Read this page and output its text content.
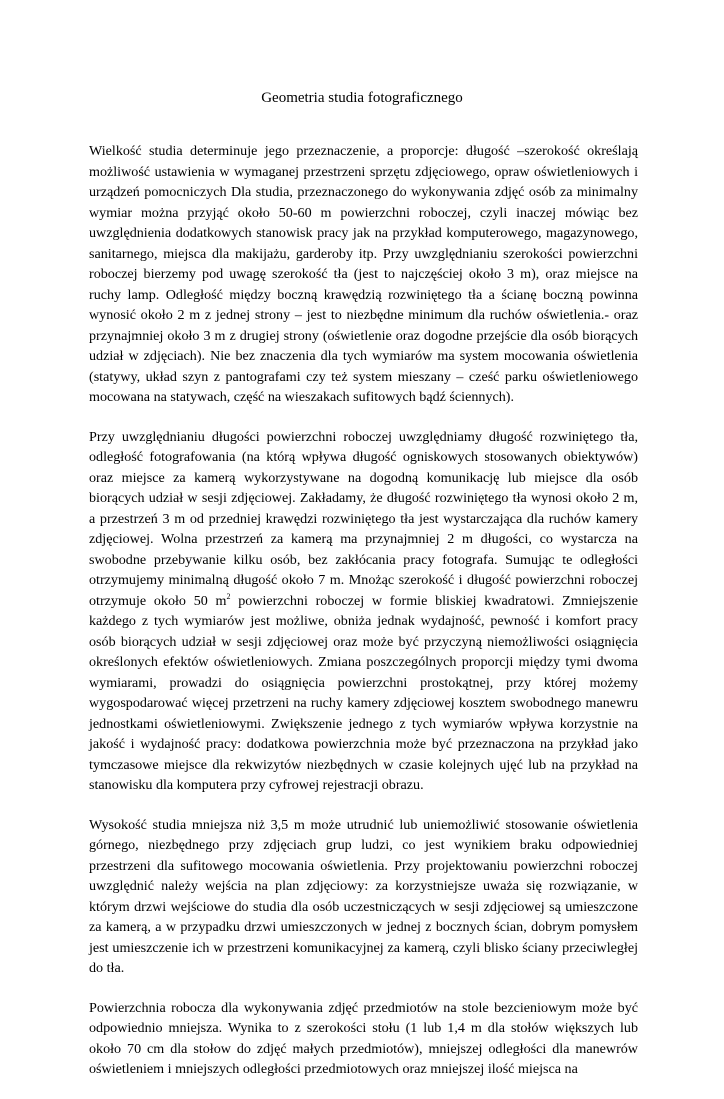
Geometria studia fotograficznego

Wielkość studia determinuje jego przeznaczenie, a proporcje: długość –szerokość określają możliwość ustawienia w wymaganej przestrzeni sprzętu zdjęciowego, opraw oświetleniowych i urządzeń pomocniczych Dla studia, przeznaczonego do wykonywania zdjęć osób za minimalny wymiar można przyjąć około 50-60 m powierzchni roboczej, czyli inaczej mówiąc bez uwzględnienia dodatkowych stanowisk pracy jak na przykład komputerowego, magazynowego, sanitarnego, miejsca dla makijażu, garderoby itp. Przy uwzględnianiu szerokości powierzchni roboczej bierzemy pod uwagę szerokość tła (jest to najczęściej około 3 m), oraz miejsce na ruchy lamp. Odległość między boczną krawędzią rozwiniętego tła a ścianę boczną powinna wynosić około 2 m z jednej strony – jest to niezbędne minimum dla ruchów oświetlenia.- oraz przynajmniej około 3 m z drugiej strony (oświetlenie oraz dogodne przejście dla osób biorących udział w zdjęciach). Nie bez znaczenia dla tych wymiarów ma system mocowania oświetlenia (statywy, układ szyn z pantografami czy też system mieszany – cześć parku oświetleniowego mocowana na statywach, część na wieszakach sufitowych bądź ściennych).

Przy uwzględnianiu długości powierzchni roboczej uwzględniamy długość rozwiniętego tła, odległość fotografowania (na którą wpływa długość ogniskowych stosowanych obiektywów) oraz miejsce za kamerą wykorzystywane na dogodną komunikację lub miejsce dla osób biorących udział w sesji zdjęciowej. Zakładamy, że długość rozwiniętego tła wynosi około 2 m, a przestrzeń 3 m od przedniej krawędzi rozwiniętego tła jest wystarczająca dla ruchów kamery zdjęciowej. Wolna przestrzeń za kamerą ma przynajmniej 2 m długości, co wystarcza na swobodne przebywanie kilku osób, bez zakłócania pracy fotografa. Sumując te odległości otrzymujemy minimalną długość około 7 m. Mnożąc szerokość i długość powierzchni roboczej otrzymuje około 50 $m^2$ powierzchni roboczej w formie bliskiej kwadratowi. Zmniejszenie każdego z tych wymiarów jest możliwe, obniża jednak wydajność, pewność i komfort pracy osób biorących udział w sesji zdjęciowej oraz może być przyczyną niemożliwości osiągnięcia określonych efektów oświetleniowych. Zmiana poszczególnych proporcji między tymi dwoma wymiarami, prowadzi do osiągnięcia powierzchni prostokątnej, przy której możemy wygospodarować więcej przetrzeni na ruchy kamery zdjęciowej kosztem swobodnego manewru jednostkami oświetleniowymi. Zwiększenie jednego z tych wymiarów wpływa korzystnie na jakość i wydajność pracy: dodatkowa powierzchnia może być przeznaczona na przykład jako tymczasowe miejsce dla rekwizytów niezbędnych w czasie kolejnych ujęć lub na przykład na stanowisku dla komputera przy cyfrowej rejestracji obrazu.

Wysokość studia mniejsza niż 3,5 m może utrudnić lub uniemożliwić stosowanie oświetlenia górnego, niezbędnego przy zdjęciach grup ludzi, co jest wynikiem braku odpowiedniej przestrzeni dla sufitowego mocowania oświetlenia. Przy projektowaniu powierzchni roboczej uwzględnić należy wejścia na plan zdjęciowy: za korzystniejsze uważa się rozwiązanie, w którym drzwi wejściowe do studia dla osób uczestniczących w sesji zdjęciowej są umieszczone za kamerą, a w przypadku drzwi umieszczonych w jednej z bocznych ścian, dobrym pomysłem jest umieszczenie ich w przestrzeni komunikacyjnej za kamerą, czyli blisko ściany przeciwległej do tła.

Powierzchnia robocza dla wykonywania zdjęć przedmiotów na stole bezcieniowym może być odpowiednio mniejsza. Wynika to z szerokości stołu (1 lub 1,4 m dla stołów większych lub około 70 cm dla stołow do zdjęć małych przedmiotów), mniejszej odległości dla manewrów oświetleniem i mniejszych odległości przedmiotowych oraz mniejszej ilość miejsca na
